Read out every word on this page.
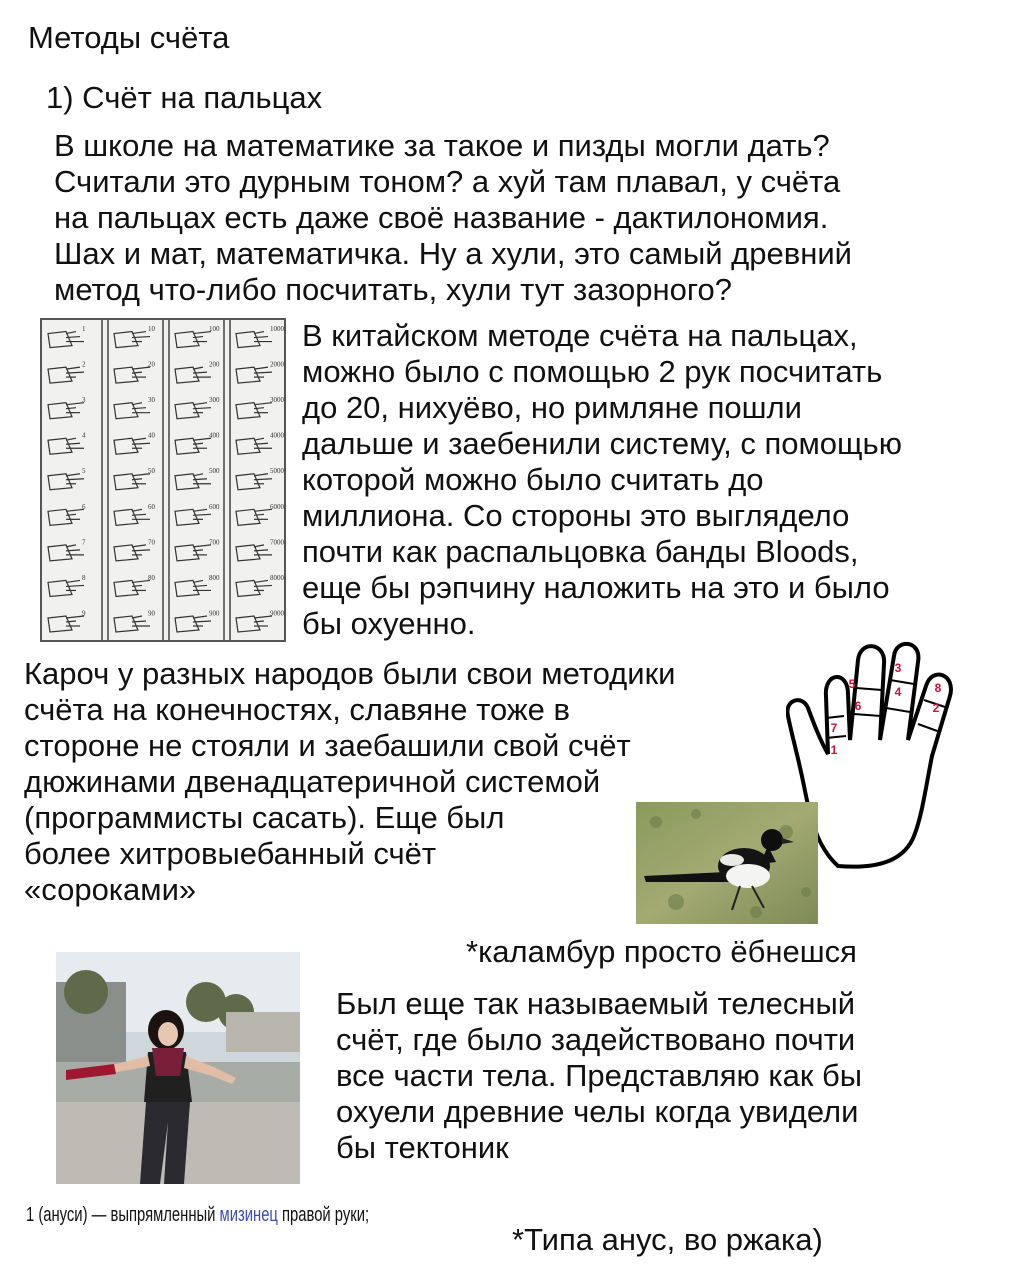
Методы счёта
1) Счёт на пальцах
В школе на математике за такое и пизды могли дать?
Считали это дурным тоном? а хуй там плавал, у счёта
на пальцах есть даже своё название - дактилономия.
Шах и мат, математичка. Ну а хули, это самый древний
метод что-либо посчитать, хули тут зазорного?
1
2
3
4
5
6
7
8
9
10
20
30
40
50
60
70
80
90
100
200
300
400
500
600
700
800
900
1000
2000
3000
4000
5000
6000
7000
8000
9000
В китайском методе счёта на пальцах,
можно было с помощью 2 рук посчитать
до 20, нихуёво, но римляне пошли
дальше и заебенили систему, с помощью
которой можно было считать до
миллиона. Со стороны это выглядело
почти как распальцовка банды Bloods,
еще бы рэпчину наложить на это и было
бы охуенно.
Кароч у разных народов были свои методики
счёта на конечностях, славяне тоже в
стороне не стояли и заебашили свой счёт
дюжинами двенадцатеричной системой
(программисты сасать). Еще был
более хитровыебанный счёт
«сороками»
1
7
5
6
3
4	8
2
*каламбур просто ёбнешся
Был еще так называемый телесный
счёт, где было задействовано почти
все части тела. Представляю как бы
охуели древние челы когда увидели
бы тектоник
1 (ануси) — выпрямленный мизинец правой руки;
*Типа анус, во ржака)
